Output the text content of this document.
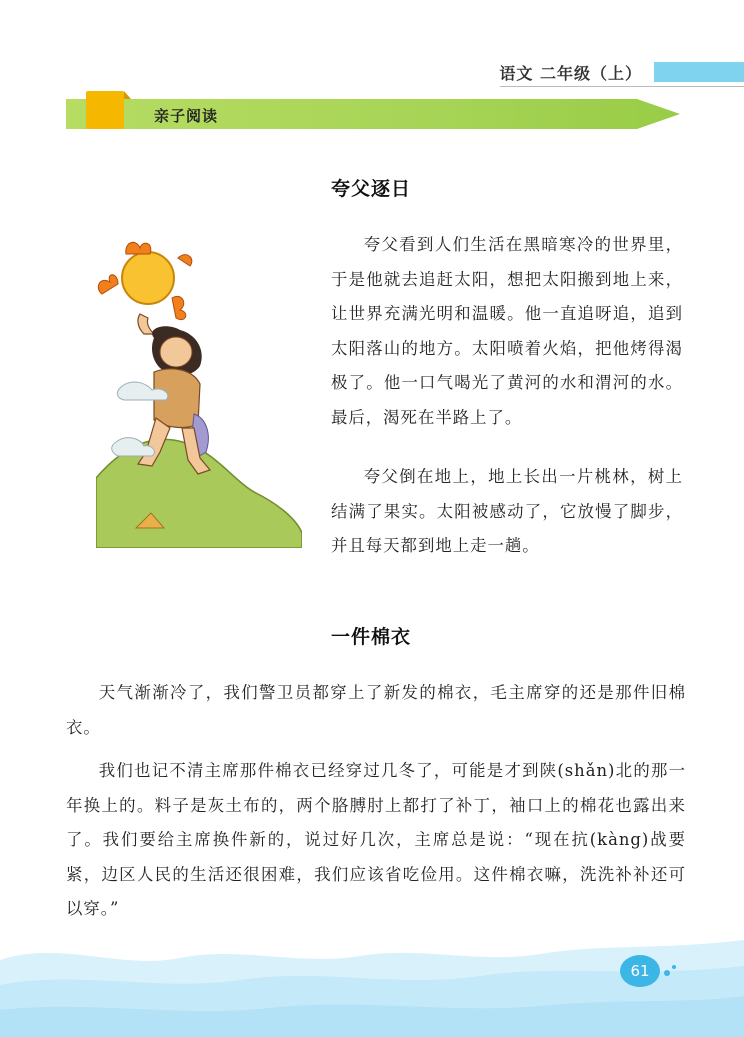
语文 二年级（上）
亲子阅读
夸父逐日
夸父看到人们生活在黑暗寒冷的世界里，于是他就去追赶太阳，想把太阳搬到地上来，让世界充满光明和温暖。他一直追呀追，追到太阳落山的地方。太阳喷着火焰，把他烤得渴极了。他一口气喝光了黄河的水和渭河的水。最后，渴死在半路上了。
夸父倒在地上，地上长出一片桃林，树上结满了果实。太阳被感动了，它放慢了脚步，并且每天都到地上走一趟。
一件棉衣
天气渐渐冷了，我们警卫员都穿上了新发的棉衣，毛主席穿的还是那件旧棉衣。
我们也记不清主席那件棉衣已经穿过几冬了，可能是才到陕(shǎn)北的那一年换上的。料子是灰土布的，两个胳膊肘上都打了补丁，袖口上的棉花也露出来了。我们要给主席换件新的，说过好几次，主席总是说：“现在抗(kàng)战要紧，边区人民的生活还很困难，我们应该省吃俭用。这件棉衣嘛，洗洗补补还可以穿。”
61
